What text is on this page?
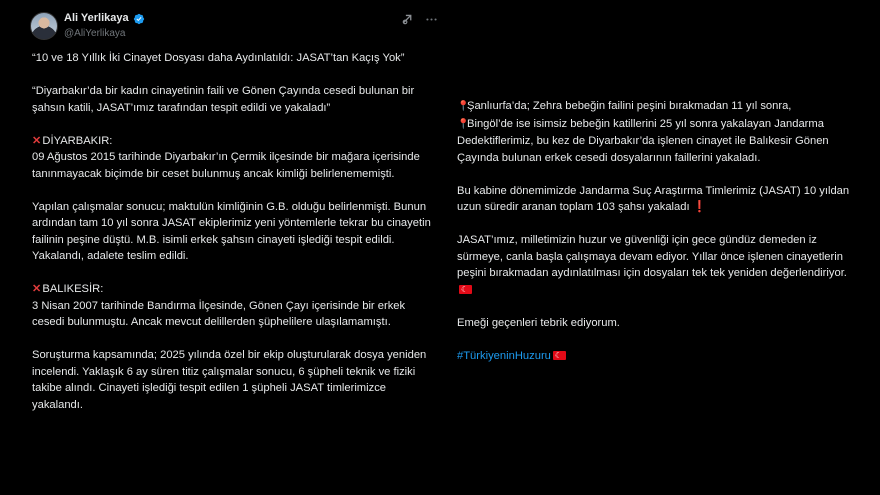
Ali Yerlikaya
@AliYerlikaya
“10 ve 18 Yıllık İki Cinayet Dosyası daha Aydınlatıldı: JASAT’tan Kaçış Yok”
“Diyarbakır’da bir kadın cinayetinin faili ve Gönen Çayında cesedi bulunan bir şahsın katili, JASAT’ımız tarafından tespit edildi ve yakaladı”
✕DİYARBAKIR:
09 Ağustos 2015 tarihinde Diyarbakır’ın Çermik ilçesinde bir mağara içerisinde tanınmayacak biçimde bir ceset bulunmuş ancak kimliği belirlenememişti.
Yapılan çalışmalar sonucu; maktulün kimliğinin G.B. olduğu belirlenmişti. Bunun ardından tam 10 yıl sonra JASAT ekiplerimiz yeni yöntemlerle tekrar bu cinayetin failinin peşine düştü. M.B. isimli erkek şahsın cinayeti işlediği tespit edildi. Yakalandı, adalete teslim edildi.
✕BALIKESİR:
3 Nisan 2007 tarihinde Bandırma İlçesinde, Gönen Çayı içerisinde bir erkek cesedi bulunmuştu. Ancak mevcut delillerden şüphelilere ulaşılamamıştı.
Soruşturma kapsamında; 2025 yılında özel bir ekip oluşturularak dosya yeniden incelendi. Yaklaşık 6 ay süren titiz çalışmalar sonucu, 6 şüpheli teknik ve fiziki takibe alındı. Cinayeti işlediği tespit edilen 1 şüpheli JASAT timlerimizce yakalandı.
📍Şanlıurfa’da; Zehra bebeğin failini peşini bırakmadan 11 yıl sonra,
📍Bingöl’de ise isimsiz bebeğin katillerini 25 yıl sonra yakalayan Jandarma Dedektiflerimiz, bu kez de Diyarbakır’da işlenen cinayet ile Balıkesir Gönen Çayında bulunan erkek cesedi dosyalarının faillerini yakaladı.
Bu kabine dönemimizde Jandarma Suç Araştırma Timlerimiz (JASAT) 10 yıldan uzun süredir aranan toplam 103 şahsı yakaladı ❗
JASAT’ımız, milletimizin huzur ve güvenliği için gece gündüz demeden iz sürmeye, canla başla çalışmaya devam ediyor. Yıllar önce işlenen cinayetlerin peşini bırakmadan aydınlatılması için dosyaları tek tek yeniden değerlendiriyor. ☾
Emeği geçenleri tebrik ediyorum.
#TürkiyeninHuzuru☾
